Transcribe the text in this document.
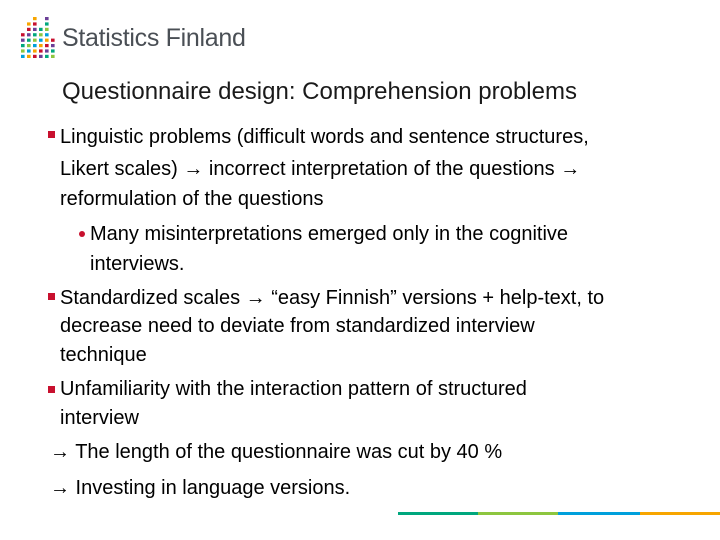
Statistics Finland
Questionnaire design: Comprehension problems
Linguistic problems (difficult words and sentence structures,
Likert scales) → incorrect interpretation of the questions →
reformulation of the questions
Many misinterpretations emerged only in the cognitive
interviews.
Standardized scales → “easy Finnish” versions + help-text, to
decrease need to deviate from standardized interview
technique
Unfamiliarity with the interaction pattern of structured
interview
→ The length of the questionnaire was cut by 40 %
→ Investing in language versions.
